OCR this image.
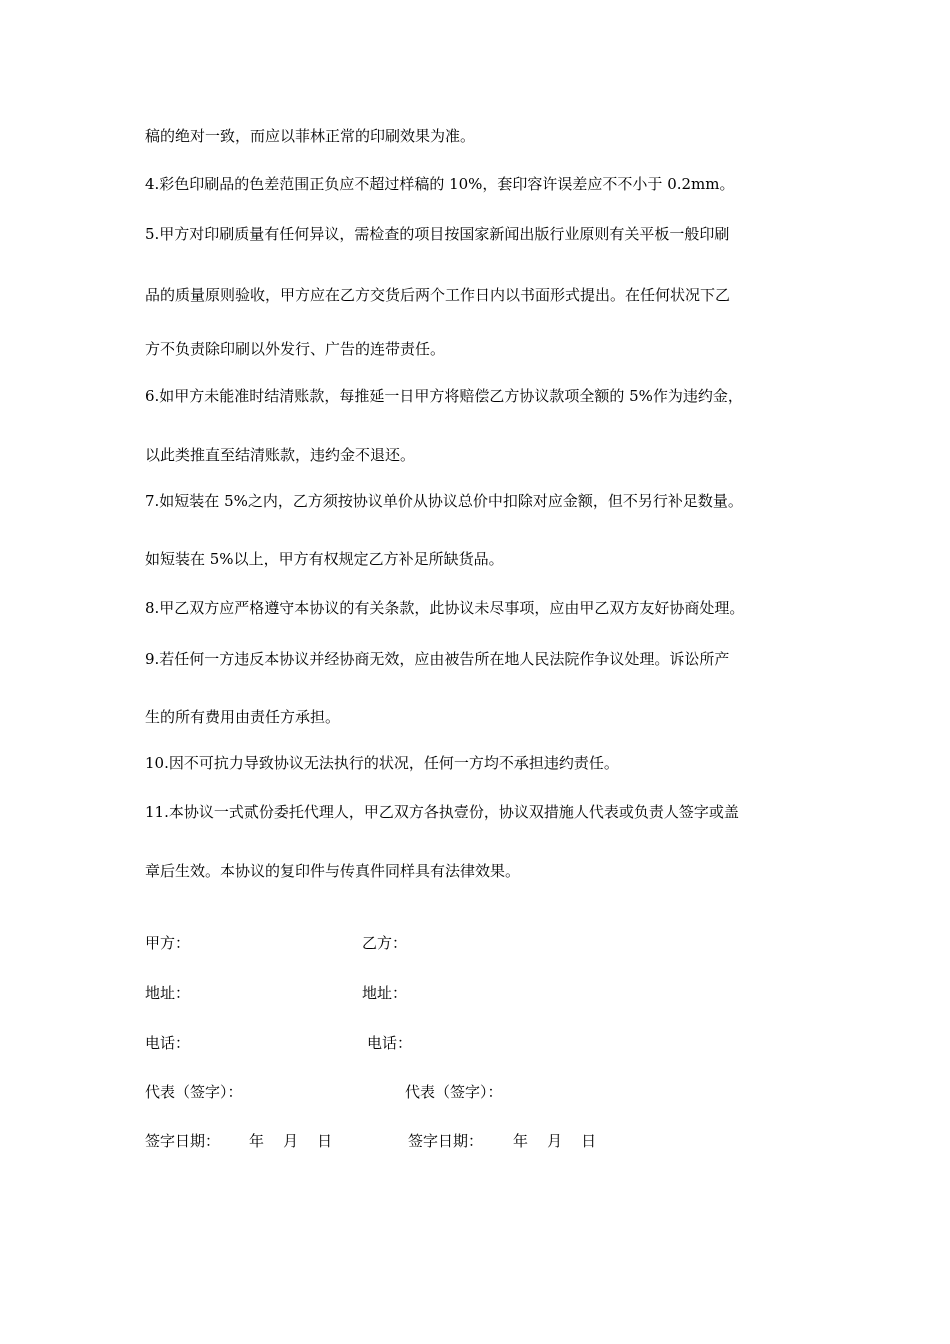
稿的绝对一致，而应以菲林正常的印刷效果为准。
4.彩色印刷品的色差范围正负应不超过样稿的 10%，套印容许误差应不不小于 0.2mm。
5.甲方对印刷质量有任何异议，需检查的项目按国家新闻出版行业原则有关平板一般印刷
品的质量原则验收，甲方应在乙方交货后两个工作日内以书面形式提出。在任何状况下乙
方不负责除印刷以外发行、广告的连带责任。
6.如甲方未能准时结清账款，每推延一日甲方将赔偿乙方协议款项全额的 5%作为违约金，
以此类推直至结清账款，违约金不退还。
7.如短装在 5%之内，乙方须按协议单价从协议总价中扣除对应金额，但不另行补足数量。
如短装在 5%以上，甲方有权规定乙方补足所缺货品。
8.甲乙双方应严格遵守本协议的有关条款，此协议未尽事项，应由甲乙双方友好协商处理。
9.若任何一方违反本协议并经协商无效，应由被告所在地人民法院作争议处理。诉讼所产
生的所有费用由责任方承担。
10.因不可抗力导致协议无法执行的状况，任何一方均不承担违约责任。
11.本协议一式贰份委托代理人，甲乙双方各执壹份，协议双措施人代表或负责人签字或盖
章后生效。本协议的复印件与传真件同样具有法律效果。
甲方：
地址：
电话：
代表（签字）：
签字日期： 年    月    日
乙方：
地址：
电话：
代表（签字）：
签字日期： 年    月    日
